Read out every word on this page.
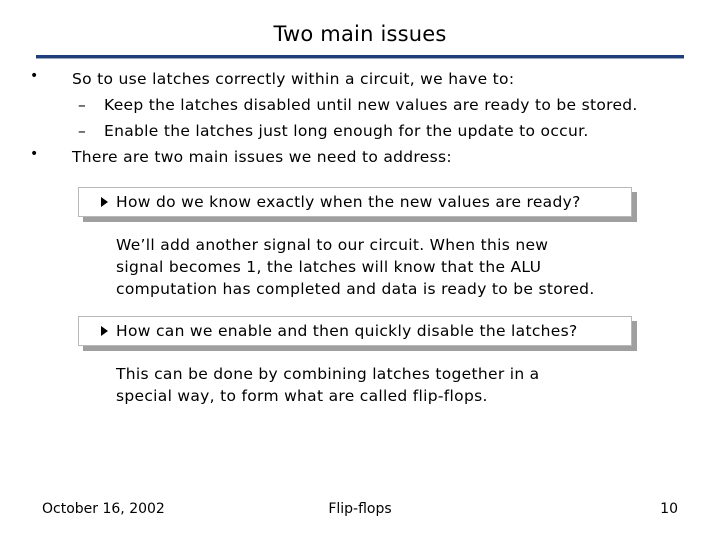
Two main issues
• So to use latches correctly within a circuit, we have to:
– Keep the latches disabled until new values are ready to be stored.
– Enable the latches just long enough for the update to occur.
• There are two main issues we need to address:
How do we know exactly when the new values are ready?
We’ll add another signal to our circuit. When this new
signal becomes 1, the latches will know that the ALU
computation has completed and data is ready to be stored.
How can we enable and then quickly disable the latches?
This can be done by combining latches together in a
special way, to form what are called flip-flops.
October 16, 2002	Flip-flops	10
